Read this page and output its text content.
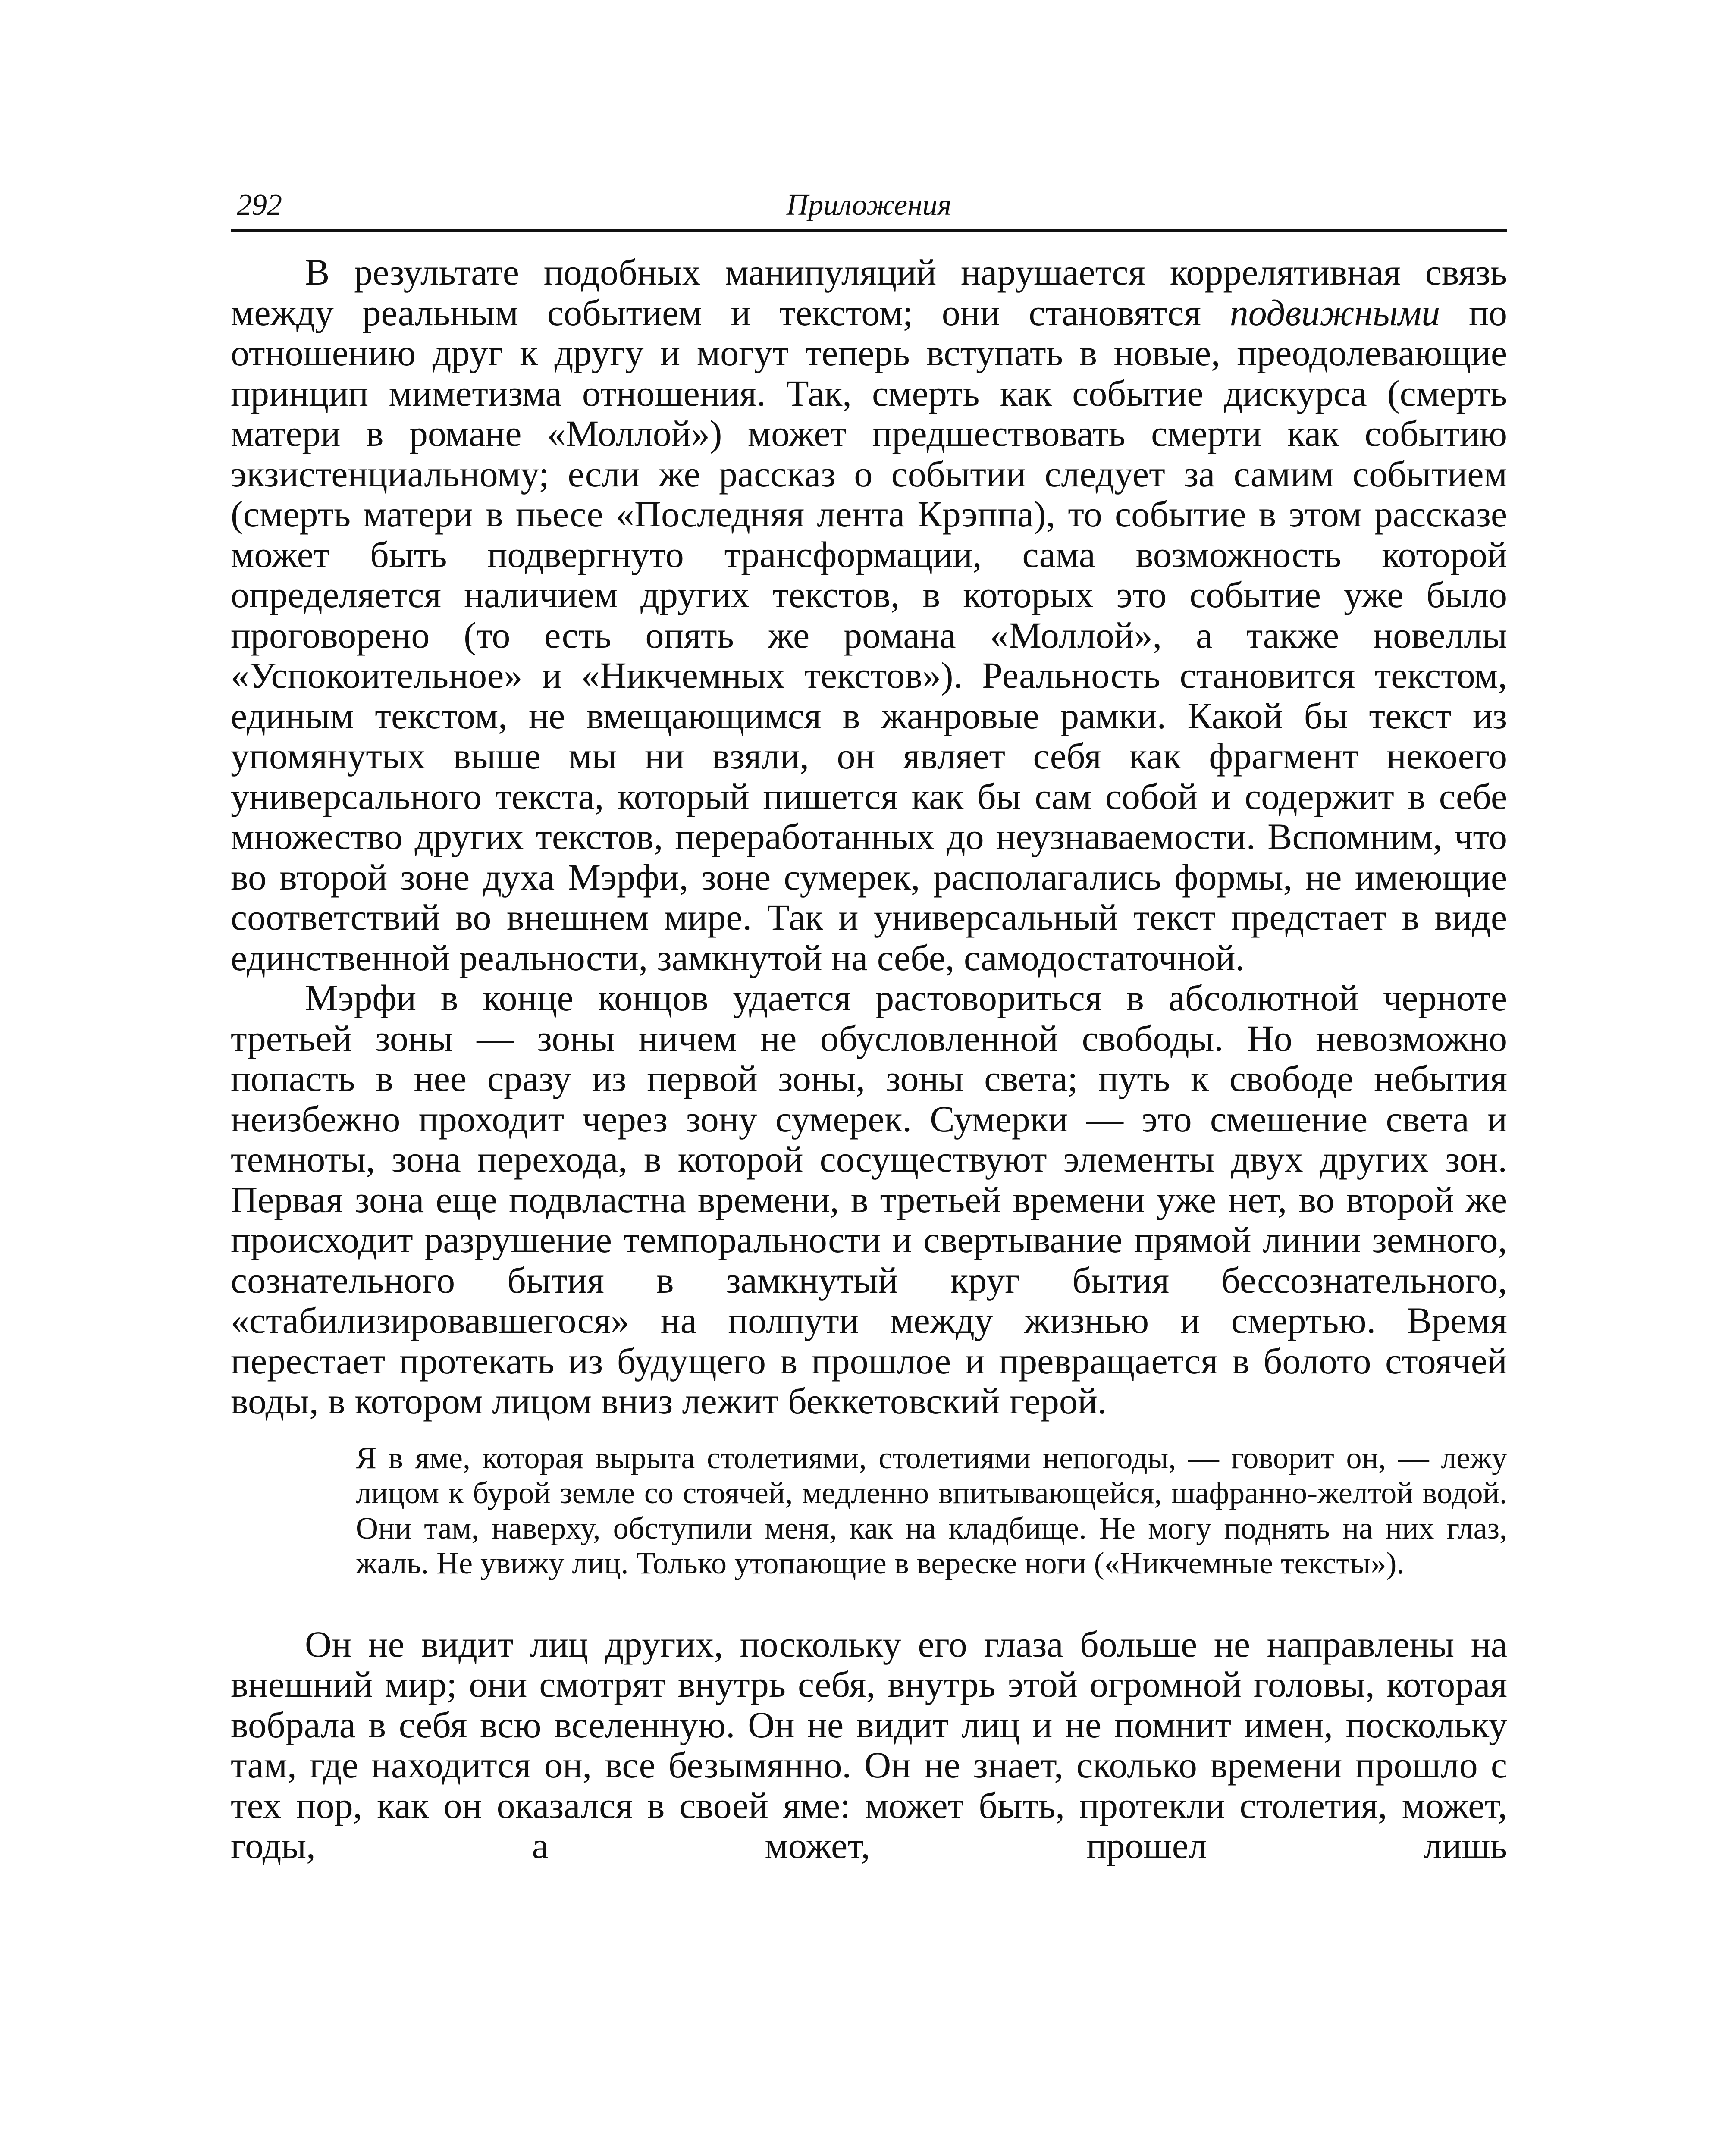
292	Приложения

В результате подобных манипуляций нарушается коррелятивная связь между реальным событием и текстом; они становятся подвижными по отношению друг к другу и могут теперь вступать в новые, преодолевающие принцип миметизма отношения. Так, смерть как событие дискурса (смерть матери в романе «Моллой») может предшествовать смерти как событию экзистенциальному; если же рассказ о событии следует за самим событием (смерть матери в пьесе «Последняя лента Крэппа), то событие в этом рассказе может быть подвергнуто трансформации, сама возможность которой определяется наличием других текстов, в которых это событие уже было проговорено (то есть опять же романа «Моллой», а также новеллы «Успокоительное» и «Никчемных текстов»). Реальность становится текстом, единым текстом, не вмещающимся в жанровые рамки. Какой бы текст из упомянутых выше мы ни взяли, он являет себя как фрагмент некоего универсального текста, который пишется как бы сам собой и содержит в себе множество других текстов, переработанных до неузнаваемости. Вспомним, что во второй зоне духа Мэрфи, зоне сумерек, располагались формы, не имеющие соответствий во внешнем мире. Так и универсальный текст предстает в виде единственной реальности, замкнутой на себе, самодостаточной.

Мэрфи в конце концов удается растовориться в абсолютной черноте третьей зоны — зоны ничем не обусловленной свободы. Но невозможно попасть в нее сразу из первой зоны, зоны света; путь к свободе небытия неизбежно проходит через зону сумерек. Сумерки — это смешение света и темноты, зона перехода, в которой сосуществуют элементы двух других зон. Первая зона еще подвластна времени, в третьей времени уже нет, во второй же происходит разрушение темпоральности и свертывание прямой линии земного, сознательного бытия в замкнутый круг бытия бессознательного, «стабилизировавшегося» на полпути между жизнью и смертью. Время перестает протекать из будущего в прошлое и превращается в болото стоячей воды, в котором лицом вниз лежит беккетовский герой.

Я в яме, которая вырыта столетиями, столетиями непогоды, — говорит он, — лежу лицом к бурой земле со стоячей, медленно впитывающейся, шафранно-желтой водой. Они там, наверху, обступили меня, как на кладбище. Не могу поднять на них глаз, жаль. Не увижу лиц. Только утопающие в вереске ноги («Никчемные тексты»).

Он не видит лиц других, поскольку его глаза больше не направлены на внешний мир; они смотрят внутрь себя, внутрь этой огромной головы, которая вобрала в себя всю вселенную. Он не видит лиц и не помнит имен, поскольку там, где находится он, все безымянно. Он не знает, сколько времени прошло с тех пор, как он оказался в своей яме: может быть, протекли столетия, может, годы, а может, прошел лишь
